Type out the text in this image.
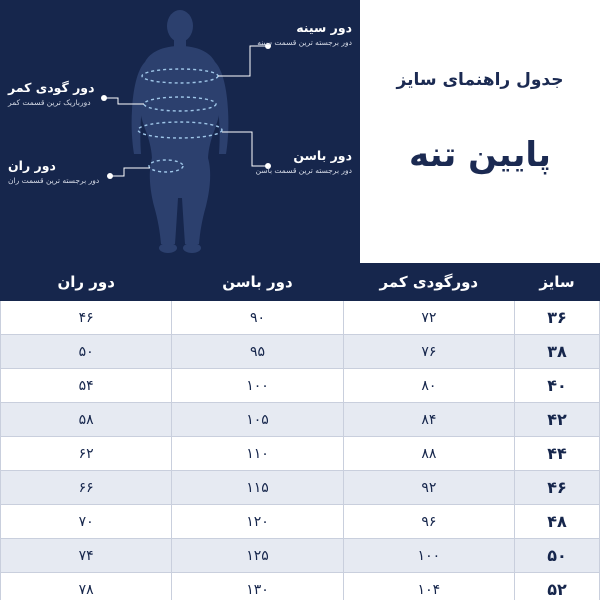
جدول راهنمای سایز
پایین تنه
دور سینه
دور برجسته ترین قسمت سینه
دور گودی کمر
دورباریک ترین قسمت کمر
دور باسن
دور برجسته ترین قسمت باسن
دور ران
دور برجسته ترین قسمت ران
سایز	دورگودی کمر	دور باسن	دور ران
۳۶	۷۲	۹۰	۴۶
۳۸	۷۶	۹۵	۵۰
۴۰	۸۰	۱۰۰	۵۴
۴۲	۸۴	۱۰۵	۵۸
۴۴	۸۸	۱۱۰	۶۲
۴۶	۹۲	۱۱۵	۶۶
۴۸	۹۶	۱۲۰	۷۰
۵۰	۱۰۰	۱۲۵	۷۴
۵۲	۱۰۴	۱۳۰	۷۸
